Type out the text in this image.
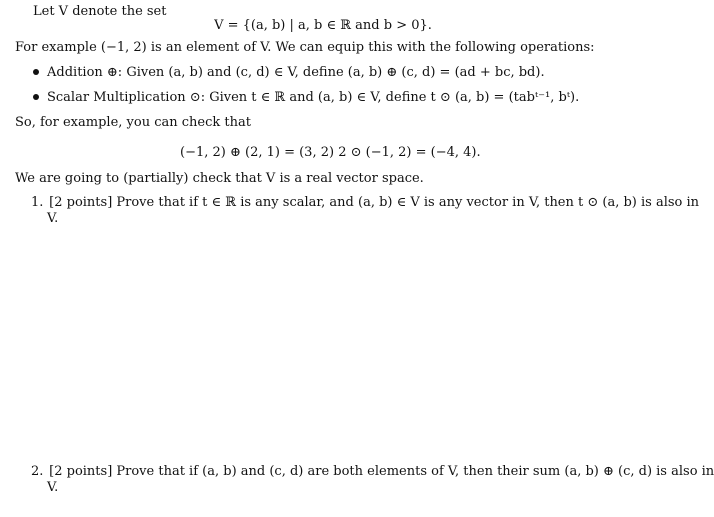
Let V denote the set
V = {(a, b) | a, b ∈ ℝ and b > 0}.
For example (−1, 2) is an element of V. We can equip this with the following operations:
Addition ⊕: Given (a, b) and (c, d) ∈ V, define (a, b) ⊕ (c, d) = (ad + bc, bd).
Scalar Multiplication ⊙: Given t ∈ ℝ and (a, b) ∈ V, define t ⊙ (a, b) = (tabᵗ⁻¹, bᵗ).
So, for example, you can check that
(−1, 2) ⊕ (2, 1) = (3, 2) 2 ⊙ (−1, 2) = (−4, 4).
We are going to (partially) check that V is a real vector space.
1. [2 points] Prove that if t ∈ ℝ is any scalar, and (a, b) ∈ V is any vector in V, then t ⊙ (a, b) is also in
V.
2. [2 points] Prove that if (a, b) and (c, d) are both elements of V, then their sum (a, b) ⊕ (c, d) is also in
V.
